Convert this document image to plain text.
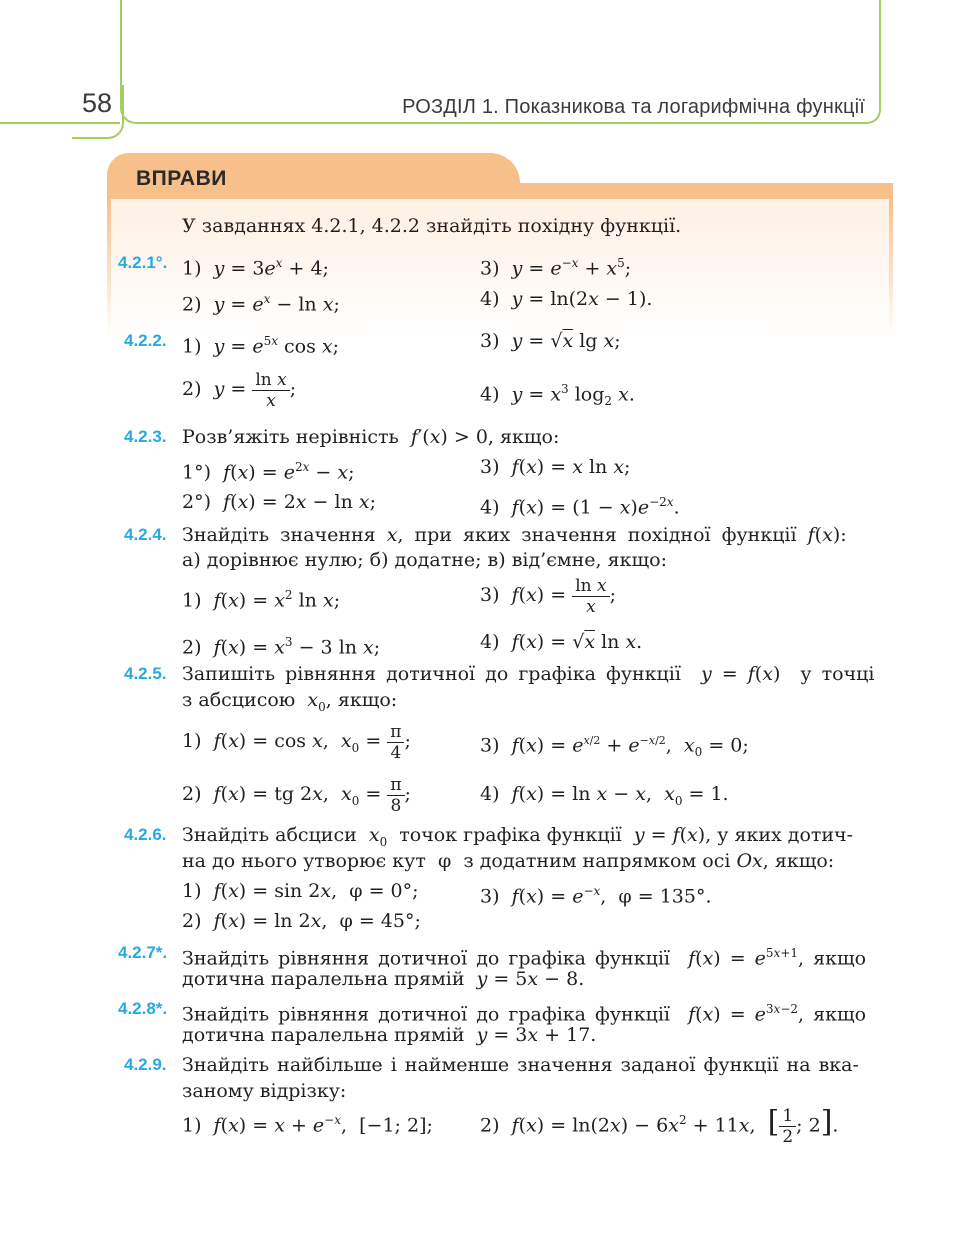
58	РОЗДІЛ 1. Показникова та логарифмічна функції
ВПРАВИ
У завданнях 4.2.1, 4.2.2 знайдіть похідну функції.
4.2.1°. 1)  $y = 3e^x + 4$;	3)  $y = e^{-x} + x^5$;
2)  $y = e^x - \ln x$;	4)  y = ln(2x − 1).
4.2.2. 1)  $y = e^{5x}$ cos x;	3)  y = √x lg x;
2)  $y = \frac{\text{ln x}}{x}$ ;	4)  $y = x^3$ $\log_2 x$.
4.2.3. Розв’яжіть нерівність  f′(x) > 0, якщо:
1°)  $f(x) = e^{2x} - x$;	3)  f(x) = x ln x;
2°)  f(x) = 2x − ln x;	4)  $f(x) = (1 - x)e^{-2x}$.
4.2.4. Знайдіть значення x, при яких значення похідної функції f(x):
а) дорівнює нулю; б) додатне; в) від’ємне, якщо:
1)  $f(x) = x^2$ ln x;	3)  $f(x) = \frac{\text{ln x}}{x}$ ;
2)  $f(x) = x^3 - 3$ ln x;	4)  f(x) = √x ln x.
4.2.5. Запишіть рівняння дотичної до графіка функції  y = f(x)  у точці
з абсцисою  $x_0$, якщо:
1)  f(x) = cos x,  $x_0 = \frac{\pi}{4}$ ;	3)  $f(x) = e^{x/2} + e^{-x/2}$,  $x_0 = 0$;
2)  f(x) = tg 2x,  $x_0 = \frac{\pi}{8}$ ;	4)  f(x) = ln x − x,  $x_0 = 1$.
4.2.6. Знайдіть абсциси  $x_0$  точок графіка функції  y = f(x), у яких дотич-
на до нього утворює кут  φ  з додатним напрямком осі Ox, якщо:
1)  f(x) = sin 2x,  φ = 0°;	3)  $f(x) = e^{-x}$,  φ = 135°.
2)  f(x) = ln 2x,  φ = 45°;
4.2.7*. Знайдіть рівняння дотичної до графіка функції  $f(x) = e^{5x+1}$, якщо
дотична паралельна прямій  y = 5x − 8.
4.2.8*. Знайдіть рівняння дотичної до графіка функції  $f(x) = e^{3x-2}$, якщо
дотична паралельна прямій  y = 3x + 17.
4.2.9. Знайдіть найбільше і найменше значення заданої функції на вка-
заному відрізку:
1)  $f(x) = x + e^{-x}$,  [−1; 2]; 2)  $f(x) = \ln(2x) - 6x^2 + 11x$,  [ $\frac{1}{2}$ ; 2].
